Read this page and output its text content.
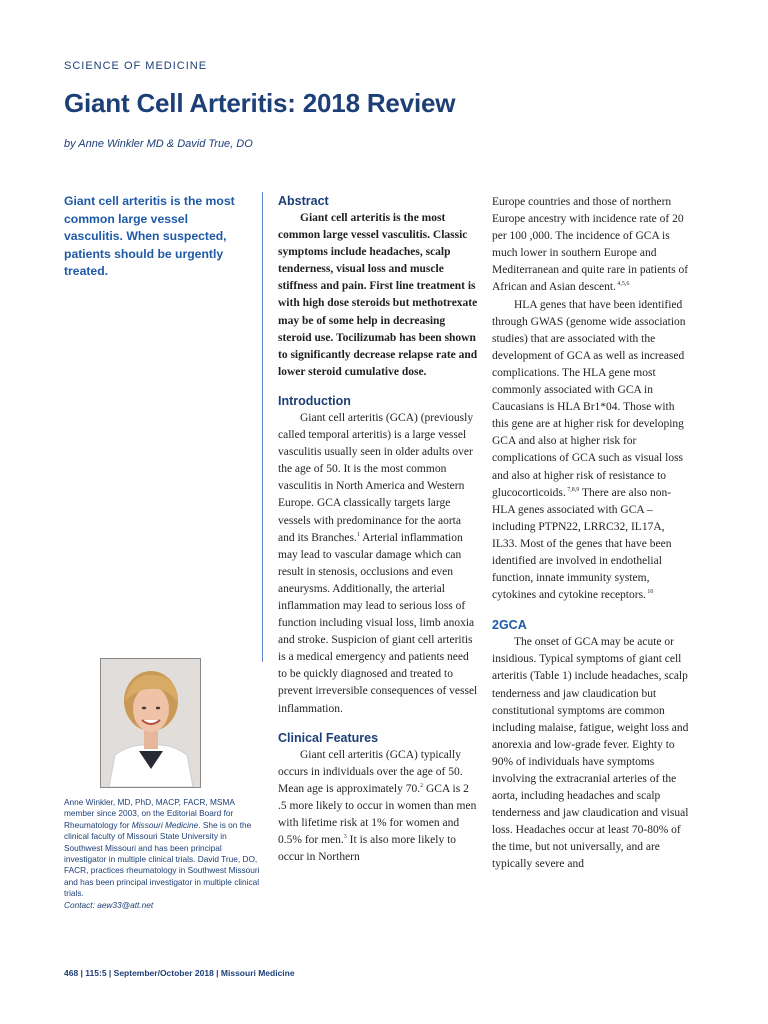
SCIENCE OF MEDICINE
Giant Cell Arteritis: 2018 Review
by Anne Winkler MD & David True, DO
Giant cell arteritis is the most common large vessel vasculitis. When suspected, patients should be urgently treated.
Anne Winkler, MD, PhD, MACP, FACR, MSMA member since 2003, on the Editorial Board for Rheumatology for Missouri Medicine. She is on the clinical faculty of Missouri State University in Southwest Missouri and has been principal investigator in multiple clinical trials. David True, DO, FACR, practices rheumatology in Southwest Missouri and has been principal investigator in multiple clinical trials.
Contact: aew33@att.net
Abstract

Giant cell arteritis is the most common large vessel vasculitis. Classic symptoms include headaches, scalp tenderness, visual loss and muscle stiffness and pain. First line treatment is with high dose steroids but methotrexate may be of some help in decreasing steroid use. Tocilizumab has been shown to significantly decrease relapse rate and lower steroid cumulative dose.

Introduction

Giant cell arteritis (GCA) (previously called temporal arteritis) is a large vessel vasculitis usually seen in older adults over the age of 50. It is the most common vasculitis in North America and Western Europe. GCA classically targets large vessels with predominance for the aorta and its Branches.$^1$ Arterial inflammation may lead to vascular damage which can result in stenosis, occlusions and even aneurysms. Additionally, the arterial inflammation may lead to serious loss of function including visual loss, limb anoxia and stroke. Suspicion of giant cell arteritis is a medical emergency and patients need to be quickly diagnosed and treated to prevent irreversible consequences of vessel inflammation.

Clinical Features

Giant cell arteritis (GCA) typically occurs in individuals over the age of 50. Mean age is approximately 70.$^2$ GCA is 2 .5 more likely to occur in women than men with lifetime risk at 1% for women and 0.5% for men.$^3$ It is also more likely to occur in Northern

Europe countries and those of northern Europe ancestry with incidence rate of 20 per 100 ,000. The incidence of GCA is much lower in southern Europe and Mediterranean and quite rare in patients of African and Asian descent. $^{4,5,6}$

HLA genes that have been identified through GWAS (genome wide association studies) that are associated with the development of GCA as well as increased complications. The HLA gene most commonly associated with GCA in Caucasians is HLA Br1*04. Those with this gene are at higher risk for developing GCA and also at higher risk for complications of GCA such as visual loss and also at higher risk of resistance to glucocorticoids. $^{7,8,9}$ There are also non-HLA genes associated with GCA – including PTPN22, LRRC32, IL17A, IL33. Most of the genes that have been identified are involved in endothelial function, innate immunity system, cytokines and cytokine receptors. $^{10}$

2GCA

The onset of GCA may be acute or insidious. Typical symptoms of giant cell arteritis (Table 1) include headaches, scalp tenderness and jaw claudication but constitutional symptoms are common including malaise, fatigue, weight loss and anorexia and low-grade fever. Eighty to 90% of individuals have symptoms involving the extracranial arteries of the aorta, including headaches and scalp tenderness and jaw claudication and visual loss. Headaches occur at least 70-80% of the time, but not universally, and are typically severe and

468 | 115:5 | September/October 2018 | Missouri Medicine
